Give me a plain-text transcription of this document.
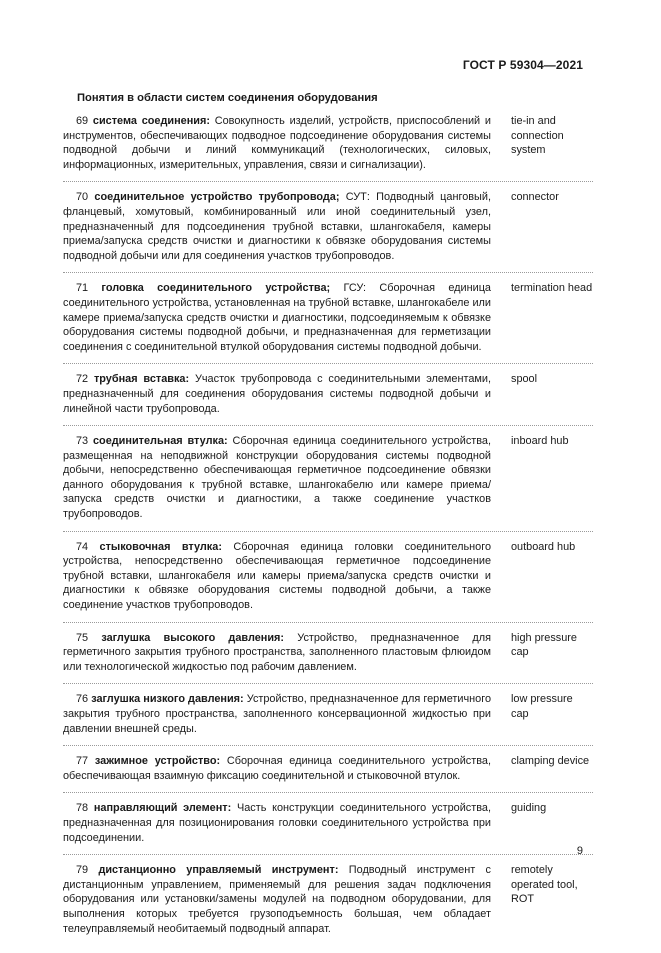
ГОСТ Р 59304—2021
Понятия в области систем соединения оборудования

69 система соединения: Совокупность изделий, устройств, приспособлений и инструментов, обеспечивающих подводное подсоединение оборудования системы подводной добычи и линий коммуникаций (технологических, силовых, информационных, измерительных, управления, связи и сигнализации).

tie-in and connection system

70 соединительное устройство трубопровода; СУТ: Подводный цанговый, фланцевый, хомутовый, комбинированный или иной соединительный узел, предназначенный для подсоединения трубной вставки, шлангокабеля, камеры приема/запуска средств очистки и диагностики к обвязке оборудования системы подводной добычи или для соединения участков трубопроводов.

connector

71 головка соединительного устройства; ГСУ: Сборочная единица соединительного устройства, установленная на трубной вставке, шлангокабеле или камере приема/запуска средств очистки и диагностики, подсоединяемым к обвязке оборудования системы подводной добычи, и предназначенная для герметизации соединения с соединительной втулкой оборудования системы подводной добычи.

termination head

72 трубная вставка: Участок трубопровода с соединительными элементами, предназначенный для соединения оборудования системы подводной добычи и линейной части трубопровода.

spool

73 соединительная втулка: Сборочная единица соединительного устройства, размещенная на неподвижной конструкции оборудования системы подводной добычи, непосредственно обеспечивающая герметичное подсоединение обвязки данного оборудования к трубной вставке, шлангокабелю или камере приема/запуска средств очистки и диагностики, а также соединение участков трубопроводов.

inboard hub

74 стыковочная втулка: Сборочная единица головки соединительного устройства, непосредственно обеспечивающая герметичное подсоединение трубной вставки, шлангокабеля или камеры приема/запуска средств очистки и диагностики к обвязке оборудования системы подводной добычи, а также соединение участков трубопроводов.

outboard hub

75 заглушка высокого давления: Устройство, предназначенное для герметичного закрытия трубного пространства, заполненного пластовым флюидом или технологической жидкостью под рабочим давлением.

high pressure cap

76 заглушка низкого давления: Устройство, предназначенное для герметичного закрытия трубного пространства, заполненного консервационной жидкостью при давлении внешней среды.

low pressure cap

77 зажимное устройство: Сборочная единица соединительного устройства, обеспечивающая взаимную фиксацию соединительной и стыковочной втулок.

clamping device

78 направляющий элемент: Часть конструкции соединительного устройства, предназначенная для позиционирования головки соединительного устройства при подсоединении.

guiding

79 дистанционно управляемый инструмент: Подводный инструмент с дистанционным управлением, применяемый для решения задач подключения оборудования или установки/замены модулей на подводном оборудовании, для выполнения которых требуется грузоподъемность большая, чем обладает телеуправляемый необитаемый подводный аппарат.

remotely operated tool, ROT

9
